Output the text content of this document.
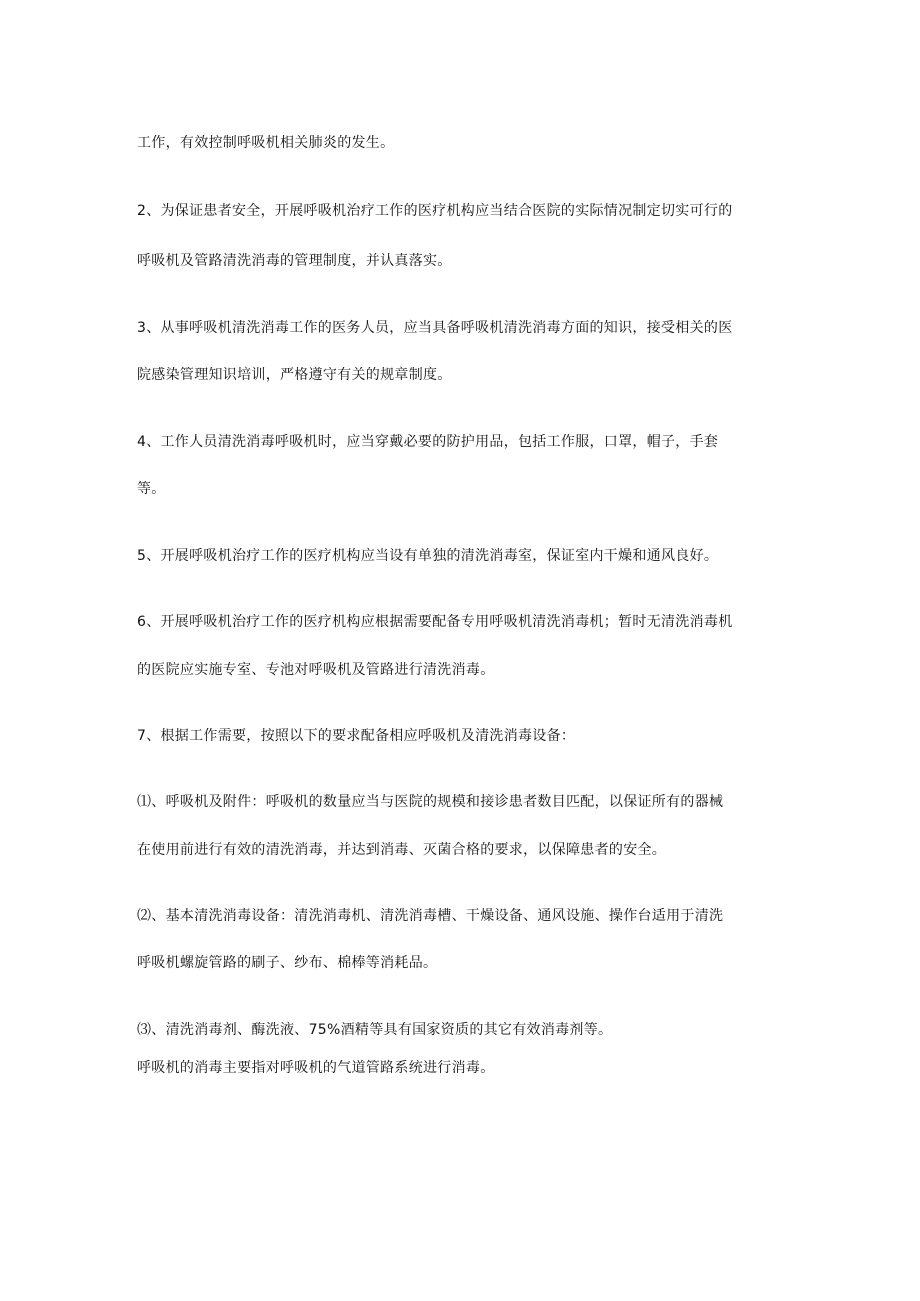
工作，有效控制呼吸机相关肺炎的发生。
2、为保证患者安全，开展呼吸机治疗工作的医疗机构应当结合医院的实际情况制定切实可行的
呼吸机及管路清洗消毒的管理制度，并认真落实。
3、从事呼吸机清洗消毒工作的医务人员，应当具备呼吸机清洗消毒方面的知识，接受相关的医
院感染管理知识培训，严格遵守有关的规章制度。
4、工作人员清洗消毒呼吸机时，应当穿戴必要的防护用品，包括工作服，口罩，帽子，手套
等。
5、开展呼吸机治疗工作的医疗机构应当设有单独的清洗消毒室，保证室内干燥和通风良好。
6、开展呼吸机治疗工作的医疗机构应根据需要配备专用呼吸机清洗消毒机；暂时无清洗消毒机
的医院应实施专室、专池对呼吸机及管路进行清洗消毒。
7、根据工作需要，按照以下的要求配备相应呼吸机及清洗消毒设备：
⑴、呼吸机及附件：呼吸机的数量应当与医院的规模和接诊患者数目匹配，以保证所有的器械
在使用前进行有效的清洗消毒，并达到消毒、灭菌合格的要求，以保障患者的安全。
⑵、基本清洗消毒设备：清洗消毒机、清洗消毒槽、干燥设备、通风设施、操作台适用于清洗
呼吸机螺旋管路的刷子、纱布、棉棒等消耗品。
⑶、清洗消毒剂、酶洗液、75%酒精等具有国家资质的其它有效消毒剂等。
呼吸机的消毒主要指对呼吸机的气道管路系统进行消毒。
